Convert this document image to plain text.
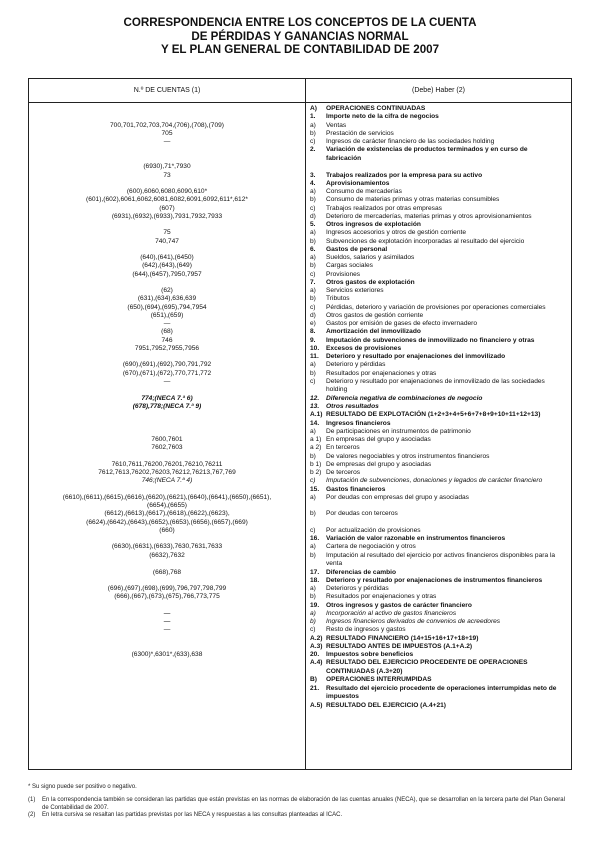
CORRESPONDENCIA ENTRE LOS CONCEPTOS DE LA CUENTA
DE PÉRDIDAS Y GANANCIAS NORMAL
Y EL PLAN GENERAL DE CONTABILIDAD DE 2007
N.º DE CUENTAS (1)	(Debe) Haber (2)
A)	OPERACIONES CONTINUADAS
1.	Importe neto de la cifra de negocios
700,701,702,703,704,(706),(708),(709)	a)	Ventas
705	b)	Prestación de servicios
—	c)	Ingresos de carácter financiero de las sociedades holding
2.	Variación de existencias de productos terminados y en curso de fabricación
(6930),71*,7930
73	3.	Trabajos realizados por la empresa para su activo
4.	Aprovisionamientos
(600),6060,6080,6090,610*	a)	Consumo de mercaderías
(601),(602),6061,6062,6081,6082,6091,6092,611*,612*	b)	Consumo de materias primas y otras materias consumibles
(607)	c)	Trabajos realizados por otras empresas
(6931),(6932),(6933),7931,7932,7933	d)	Deterioro de mercaderías, materias primas y otros aprovisionamientos
5.	Otros ingresos de explotación
75	a)	Ingresos accesorios y otros de gestión corriente
740,747	b)	Subvenciones de explotación incorporadas al resultado del ejercicio
6.	Gastos de personal
(640),(641),(6450)	a)	Sueldos, salarios y asimilados
(642),(643),(649)	b)	Cargas sociales
(644),(6457),7950,7957	c)	Provisiones
7.	Otros gastos de explotación
(62)	a)	Servicios exteriores
(631),(634),636,639	b)	Tributos
(650),(694),(695),794,7954	c)	Pérdidas, deterioro y variación de provisiones por operaciones comerciales
(651),(659)	d)	Otros gastos de gestión corriente
—	e)	Gastos por emisión de gases de efecto invernadero
(68)	8.	Amortización del inmovilizado
746	9.	Imputación de subvenciones de inmovilizado no financiero y otras
7951,7952,7955,7956	10.	Excesos de provisiones
11.	Deterioro y resultado por enajenaciones del inmovilizado
(690),(691),(692),790,791,792	a)	Deterioro y pérdidas
(670),(671),(672),770,771,772	b)	Resultados por enajenaciones y otras
—	c)	Deterioro y resultado por enajenaciones de inmovilizado de las sociedades holding
774;(NECA 7.ª 6)	12.	Diferencia negativa de combinaciones de negocio
(678),778;(NECA 7.ª 9)	13.	Otros resultados
A.1) RESULTADO DE EXPLOTACIÓN (1+2+3+4+5+6+7+8+9+10+11+12+13)
14.	Ingresos financieros
a)	De participaciones en instrumentos de patrimonio
7600,7601	a 1) En empresas del grupo y asociadas
7602,7603	a 2) En terceros
b)	De valores negociables y otros instrumentos financieros
7610,7611,76200,76201,76210,76211	b 1) De empresas del grupo y asociadas
7612,7613,76202,76203,76212,76213,767,769	b 2) De terceros
746;(NECA 7.ª 4)	c)	Imputación de subvenciones, donaciones y legados de carácter financiero
15.	Gastos financieros
(6610),(6611),(6615),(6616),(6620),(6621),(6640),(6641),(6650),(6651),	a)	Por deudas con empresas del grupo y asociadas
(6654),(6655)
(6612),(6613),(6617),(6618),(6622),(6623),	b)	Por deudas con terceros
(6624),(6642),(6643),(6652),(6653),(6656),(6657),(669)
(660)	c)	Por actualización de provisiones
16.	Variación de valor razonable en instrumentos financieros
(6630),(6631),(6633),7630,7631,7633	a)	Cartera de negociación y otros
(6632),7632	b)	Imputación al resultado del ejercicio por activos financieros disponibles para la venta
(668),768	17.	Diferencias de cambio
18.	Deterioro y resultado por enajenaciones de instrumentos financieros
(696),(697),(698),(699),796,797,798,799	a)	Deterioros y pérdidas
(666),(667),(673),(675),766,773,775	b)	Resultados por enajenaciones y otras
19.	Otros ingresos y gastos de carácter financiero
—	a)	Incorporación al activo de gastos financieros
—	b)	Ingresos financieros derivados de convenios de acreedores
—	c)	Resto de ingresos y gastos
A.2) RESULTADO FINANCIERO (14+15+16+17+18+19)
A.3) RESULTADO ANTES DE IMPUESTOS (A.1+A.2)
(6300)*,6301*,(633),638	20.	Impuestos sobre beneficios
A.4) RESULTADO DEL EJERCICIO PROCEDENTE DE OPERACIONES CONTINUADAS (A.3+20)
B)	OPERACIONES INTERRUMPIDAS
21.	Resultado del ejercicio procedente de operaciones interrumpidas neto de impuestos
A.5) RESULTADO DEL EJERCICIO (A.4+21)
* Su signo puede ser positivo o negativo.
(1)	En la correspondencia también se consideran las partidas que están previstas en las normas de elaboración de las cuentas anuales (NECA), que se desarrollan en la tercera parte del Plan General de Contabilidad de 2007.
(2)	En letra cursiva se resaltan las partidas previstas por las NECA y respuestas a las consultas planteadas al ICAC.
